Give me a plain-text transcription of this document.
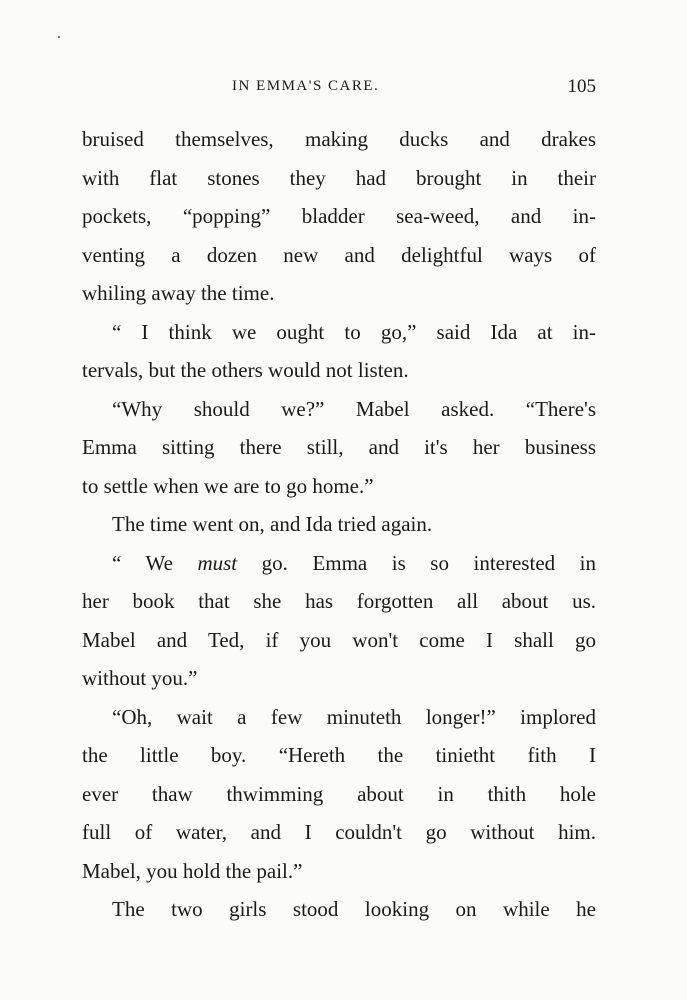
IN EMMA'S CARE.	105
bruised themselves, making ducks and drakes
with flat stones they had brought in their
pockets, “popping” bladder sea-weed, and in-
venting a dozen new and delightful ways of
whiling away the time.
“ I think we ought to go,” said Ida at in-
tervals, but the others would not listen.
“Why should we?” Mabel asked. “There's
Emma sitting there still, and it's her business
to settle when we are to go home.”
The time went on, and Ida tried again.
“ We must go. Emma is so interested in
her book that she has forgotten all about us.
Mabel and Ted, if you won't come I shall go
without you.”
“Oh, wait a few minuteth longer!” implored
the little boy. “Hereth the tinietht fith I
ever thaw thwimming about in thith hole
full of water, and I couldn't go without him.
Mabel, you hold the pail.”
The two girls stood looking on while he
